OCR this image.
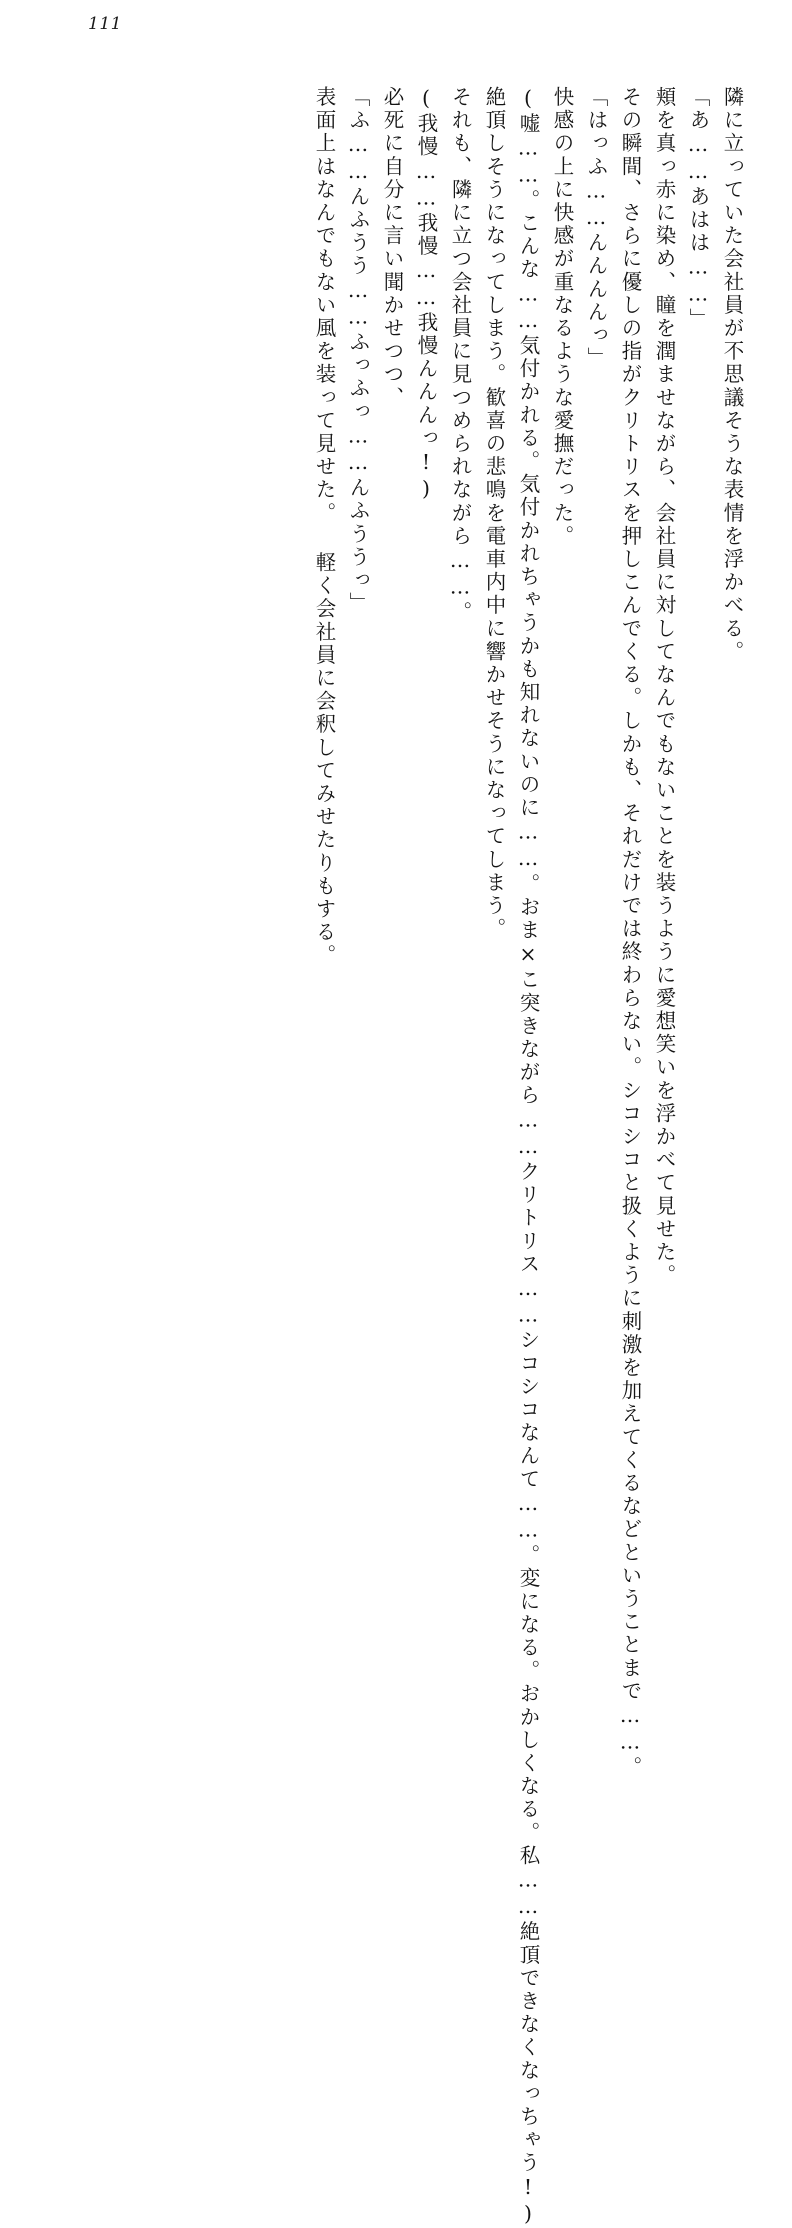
111
隣に立っていた会社員が不思議そうな表情を浮かべる。
「あ……あはは……」
頬を真っ赤に染め、瞳を潤ませながら、会社員に対してなんでもないことを装うように愛想笑いを浮かべて見せた。
その瞬間、さらに優しの指がクリトリスを押しこんでくる。しかも、それだけでは終わらない。シコシコと扱くように刺激を加えてくるなどということまで……。
「はっふ……んんんんっ」
快感の上に快感が重なるような愛撫だった。
(嘘……。こんな……気付かれる。気付かれちゃうかも知れないのに……。おま×こ突きながら……クリトリス……シコシコなんて……。変になる。おかしくなる。私……絶頂できなくなっちゃう!)
絶頂しそうになってしまう。歓喜の悲鳴を電車内中に響かせそうになってしまう。
それも、隣に立つ会社員に見つめられながら……。
(我慢……我慢……我慢んんんっ!)
必死に自分に言い聞かせつつ、
「ふ……んふうう……ふっふっ……んふううっ」
表面上はなんでもない風を装って見せた。 軽く会社員に会釈してみせたりもする。
